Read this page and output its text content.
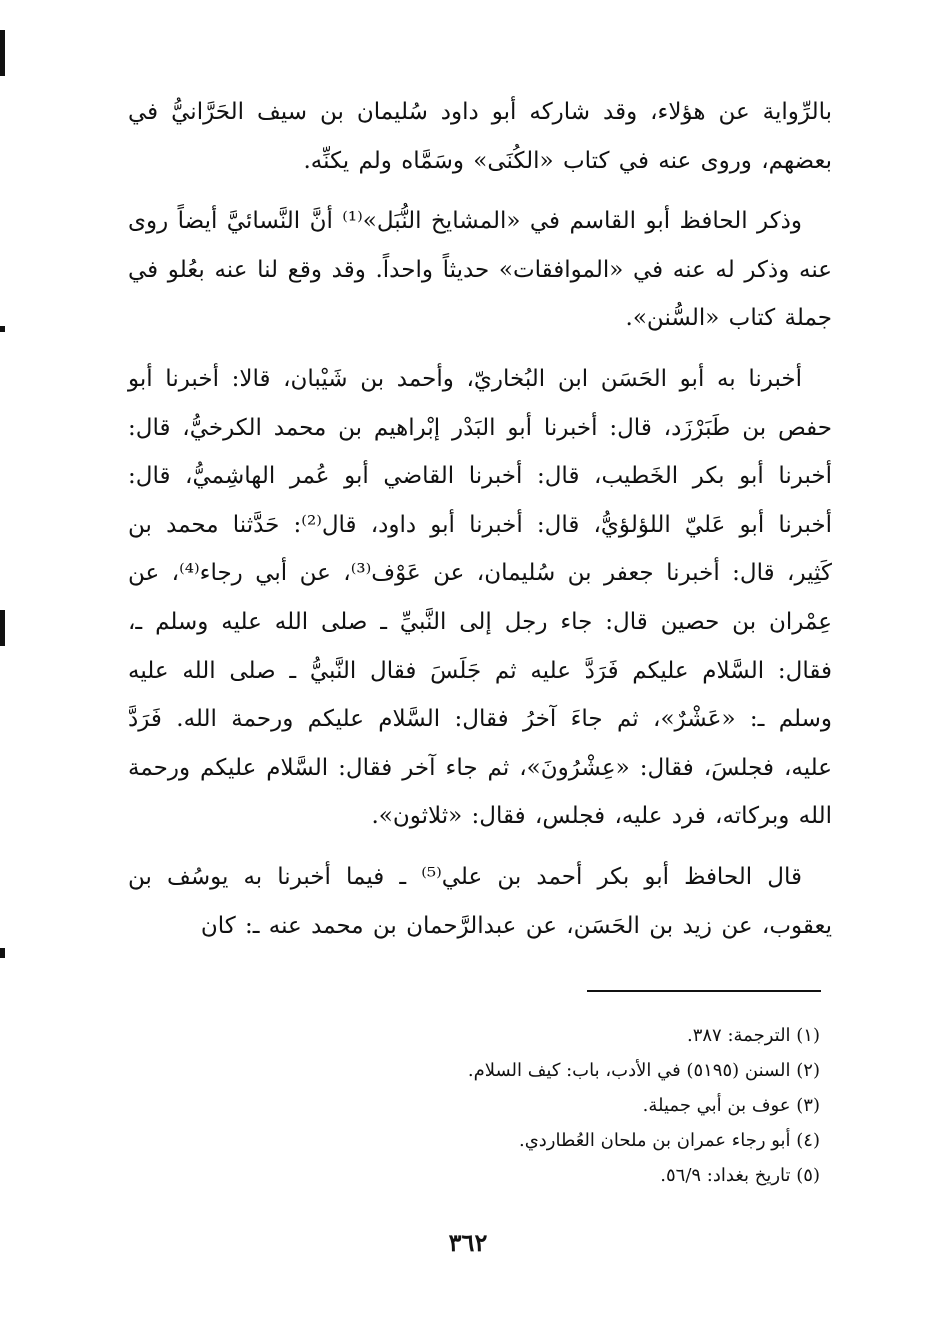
بالرِّواية عن هؤلاء، وقد شاركه أبو داود سُليمان بن سيف الحَرَّانيُّ في بعضهم، وروى عنه في كتاب «الكُنَى» وسَمَّاه ولم يكنِّه.

وذكر الحافظ أبو القاسم في «المشايخ النُّبَل»⁽¹⁾ أنَّ النَّسائيَّ أيضاً روى عنه وذكر له عنه في «الموافقات» حديثاً واحداً. وقد وقع لنا عنه بعُلو في جملة كتاب «السُّنن».

أخبرنا به أبو الحَسَن ابن البُخاريّ، وأحمد بن شَيْبان، قالا: أخبرنا أبو حفص بن طَبَرْزَد، قال: أخبرنا أبو البَدْر إبْراهيم بن محمد الكرخيُّ، قال: أخبرنا أبو بكر الخَطيب، قال: أخبرنا القاضي أبو عُمر الهاشِميُّ، قال: أخبرنا أبو عَليّ اللؤلؤيُّ، قال: أخبرنا أبو داود، قال⁽²⁾: حَدَّثنا محمد بن كَثِير، قال: أخبرنا جعفر بن سُليمان، عن عَوْف⁽³⁾، عن أبي رجاء⁽⁴⁾، عن عِمْران بن حصين قال: جاء رجل إلى النَّبيِّ ـ صلى الله عليه وسلم ـ، فقال: السَّلام عليكم فَرَدَّ عليه ثم جَلَسَ فقال النَّبيُّ ـ صلى الله عليه وسلم ـ: «عَشْرٌ»، ثم جاءَ آخرُ فقال: السَّلام عليكم ورحمة الله. فَرَدَّ عليه، فجلسَ، فقال: «عِشْرُونَ»، ثم جاء آخر فقال: السَّلام عليكم ورحمة الله وبركاته، فرد عليه، فجلس، فقال: «ثلاثون».

قال الحافظ أبو بكر أحمد بن علي⁽⁵⁾ ـ فيما أخبرنا به يوسُف بن يعقوب، عن زيد بن الحَسَن، عن عبدالرَّحمان بن محمد عنه ـ: كان

(١) الترجمة: ٣٨٧.
(٢) السنن (٥١٩٥) في الأدب، باب: كيف السلام.
(٣) عوف بن أبي جميلة.
(٤) أبو رجاء عمران بن ملحان العُطاردي.
(٥) تاريخ بغداد: ٥٦/٩.
٣٦٢
